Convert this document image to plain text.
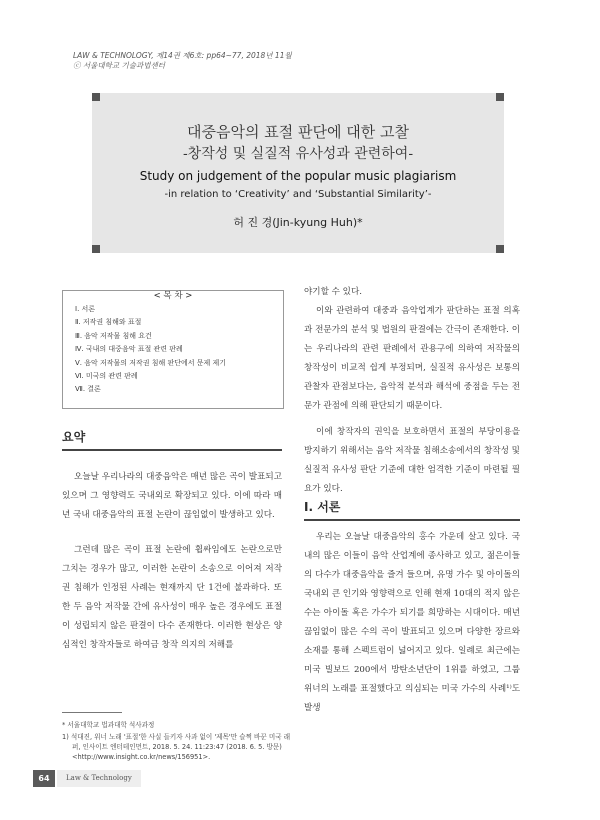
LAW & TECHNOLOGY, 제14권 제6호: pp64~77, 2018년 11월
ⓒ 서울대학교 기술과법센터
대중음악의 표절 판단에 대한 고찰
-창작성 및 실질적 유사성과 관련하여-
Study on judgement of the popular music plagiarism
-in relation to ‘Creativity’ and ‘Substantial Similarity’-
허 진 경(Jin-kyung Huh)*
< 목 차 >
Ⅰ. 서론
Ⅱ. 저작권 침해와 표절
Ⅲ. 음악 저작물 침해 요건
Ⅳ. 국내의 대중음악 표절 관련 판례
Ⅴ. 음악 저작물의 저작권 침해 판단에서 문제 제기
Ⅵ. 미국의 관련 판례
Ⅶ. 결론
요약
오늘날 우리나라의 대중음악은 매년 많은 곡이 발표되고 있으며 그 영향력도 국내외로 확장되고 있다. 이에 따라 매년 국내 대중음악의 표절 논란이 끊임없이 발생하고 있다.
그런데 많은 곡이 표절 논란에 휩싸임에도 논란으로만 그치는 경우가 많고, 이러한 논란이 소송으로 이어져 저작권 침해가 인정된 사례는 현재까지 단 1건에 불과하다. 또한 두 음악 저작물 간에 유사성이 매우 높은 경우에도 표절이 성립되지 않은 판결이 다수 존재한다. 이러한 현상은 양심적인 창작자들로 하여금 창작 의지의 저해를
야기할 수 있다.
이와 관련하여 대중과 음악업계가 판단하는 표절 의혹과 전문가의 분석 및 법원의 판결에는 간극이 존재한다. 이는 우리나라의 관련 판례에서 관용구에 의하여 저작물의 창작성이 비교적 쉽게 부정되며, 실질적 유사성은 보통의 관찰자 관점보다는, 음악적 분석과 해석에 중점을 두는 전문가 관점에 의해 판단되기 때문이다.
이에 창작자의 권익을 보호하면서 표절의 부당이용을 방지하기 위해서는 음악 저작물 침해소송에서의 창작성 및 실질적 유사성 판단 기준에 대한 엄격한 기준이 마련될 필요가 있다.
Ⅰ. 서론
우리는 오늘날 대중음악의 홍수 가운데 살고 있다. 국내의 많은 이들이 음악 산업계에 종사하고 있고, 젊은이들의 다수가 대중음악을 즐겨 들으며, 유명 가수 및 아이돌의 국내외 큰 인기와 영향력으로 인해 현재 10대의 적지 않은 수는 아이돌 혹은 가수가 되기를 희망하는 시대이다. 매년 끊임없이 많은 수의 곡이 발표되고 있으며 다양한 장르와 소재를 통해 스펙트럼이 넓어지고 있다. 일례로 최근에는 미국 빌보드 200에서 방탄소년단이 1위를 하였고, 그룹 위너의 노래를 표절했다고 의심되는 미국 가수의 사례¹⁾도 발생
* 서울대학교 법과대학 석사과정
1) 석대진, 위너 노래 '표절'한 사실 들키자 사과 없이 '제목'만 슬쩍 바꾼 미국 래퍼, 인사이트 엔터테인먼트, 2018. 5. 24. 11:23:47 (2018. 6. 5. 방문) <http://www.insight.co.kr/news/156951>.
64	Law & Technology
